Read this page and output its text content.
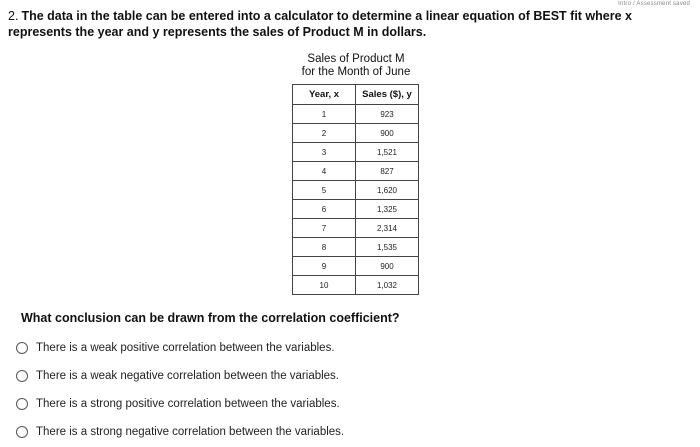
Intro / Assessment saved
2. The data in the table can be entered into a calculator to determine a linear equation of BEST fit where x represents the year and y represents the sales of Product M in dollars.
Sales of Product M
for the Month of June
Year, x	Sales ($), y
1	923
2	900
3	1,521
4	827
5	1,620
6	1,325
7	2,314
8	1,535
9	900
10	1,032
What conclusion can be drawn from the correlation coefficient?
There is a weak positive correlation between the variables.
There is a weak negative correlation between the variables.
There is a strong positive correlation between the variables.
There is a strong negative correlation between the variables.
